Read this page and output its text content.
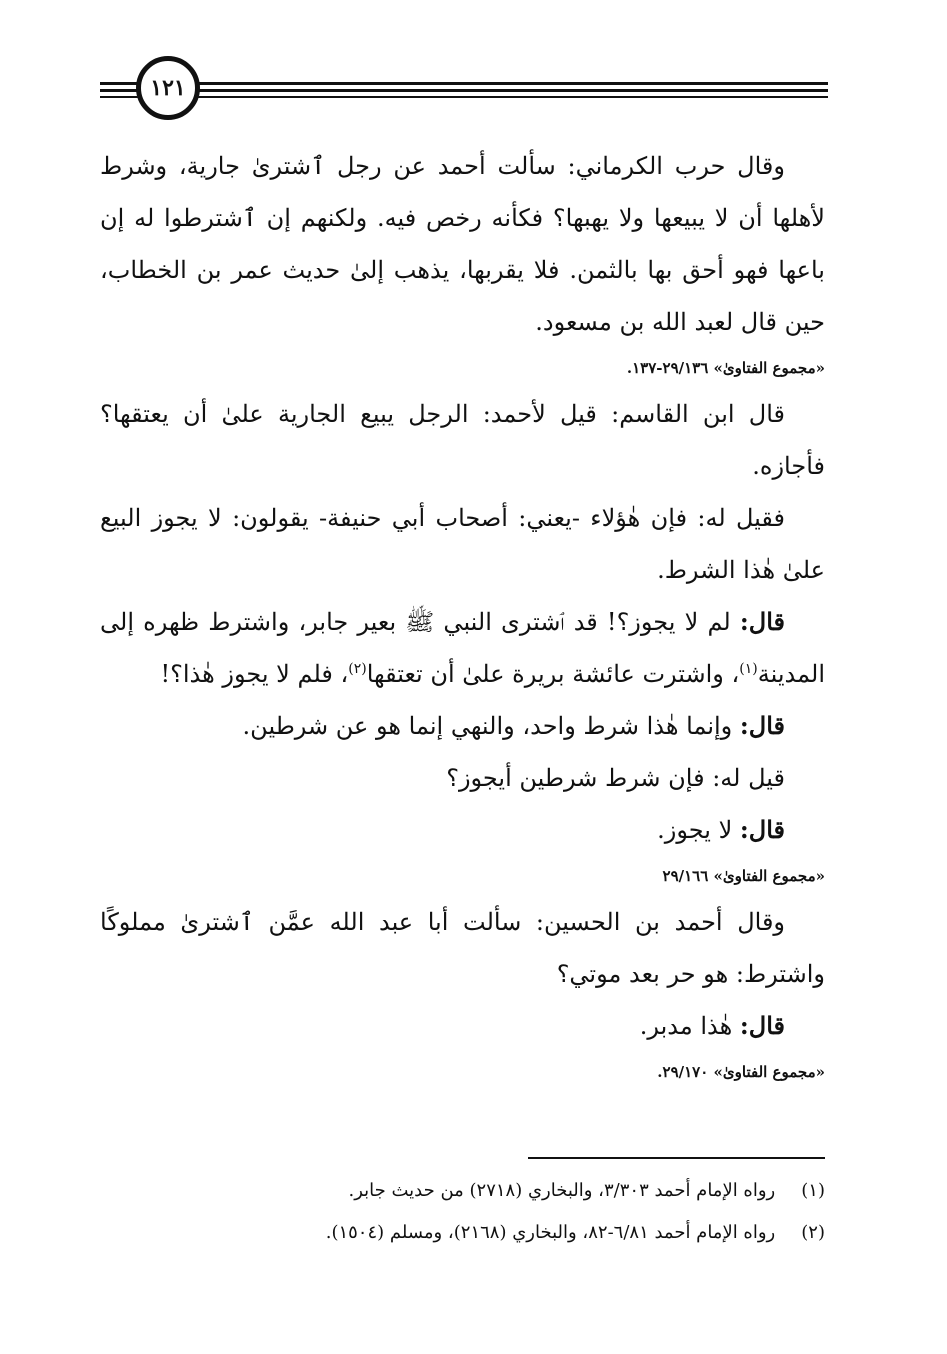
١٢١

وقال حرب الكرماني: سألت أحمد عن رجل ٱشترىٰ جارية، وشرط لأهلها أن لا يبيعها ولا يهبها؟ فكأنه رخص فيه. ولكنهم إن ٱشترطوا له إن باعها فهو أحق بها بالثمن. فلا يقربها، يذهب إلىٰ حديث عمر بن الخطاب، حين قال لعبد الله بن مسعود.

«مجموع الفتاوىٰ» ٢٩/١٣٦-١٣٧.

قال ابن القاسم: قيل لأحمد: الرجل يبيع الجارية علىٰ أن يعتقها؟ فأجازه.

فقيل له: فإن هٰؤلاء -يعني: أصحاب أبي حنيفة- يقولون: لا يجوز البيع علىٰ هٰذا الشرط.

قال: لم لا يجوز؟! قد ٱشترى النبي ﷺ بعير جابر، واشترط ظهره إلى المدينة$^{(١)}$، واشترت عائشة بريرة علىٰ أن تعتقها$^{(٢)}$، فلم لا يجوز هٰذا؟!

قال: وإنما هٰذا شرط واحد، والنهي إنما هو عن شرطين.

قيل له: فإن شرط شرطين أيجوز؟

قال: لا يجوز.

«مجموع الفتاوىٰ» ٢٩/١٦٦

وقال أحمد بن الحسين: سألت أبا عبد الله عمَّن ٱشترىٰ مملوكًا واشترط: هو حر بعد موتي؟

قال: هٰذا مدبر.

«مجموع الفتاوىٰ» ٢٩/١٧٠.

(١) رواه الإمام أحمد ٣/٣٠٣، والبخاري (٢٧١٨) من حديث جابر.

(٢) رواه الإمام أحمد ٦/٨١-٨٢، والبخاري (٢١٦٨)، ومسلم (١٥٠٤).
